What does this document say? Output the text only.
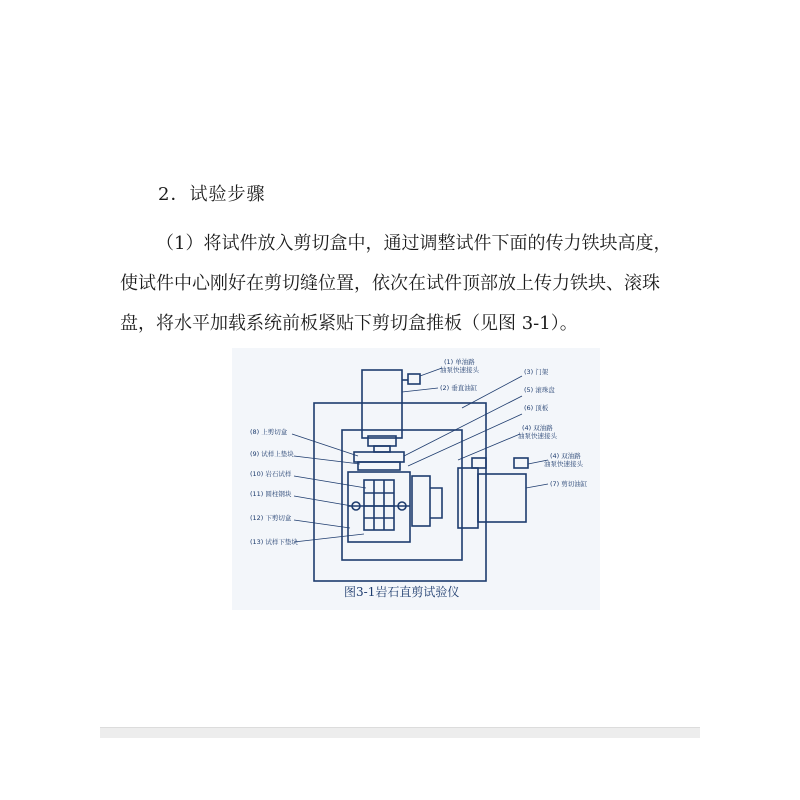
2．试验步骤

（1）将试件放入剪切盒中，通过调整试件下面的传力铁块高度，
使试件中心刚好在剪切缝位置，依次在试件顶部放上传力铁块、滚珠
盘，将水平加载系统前板紧贴下剪切盒推板（见图 3-1）。

(1) 单油路
油泵快速接头
(2) 垂直油缸
(3) 门架
(5) 滚珠盘
(6) 顶板
(4) 双油路
油泵快速接头
(4) 双油路
油泵快速接头
(7) 剪切油缸
(8) 上剪切盒
(9) 试样上垫块
(10) 岩石试样
(11) 圆柱钢块
(12) 下剪切盒
(13) 试样下垫块
图3-1岩石直剪试验仪
